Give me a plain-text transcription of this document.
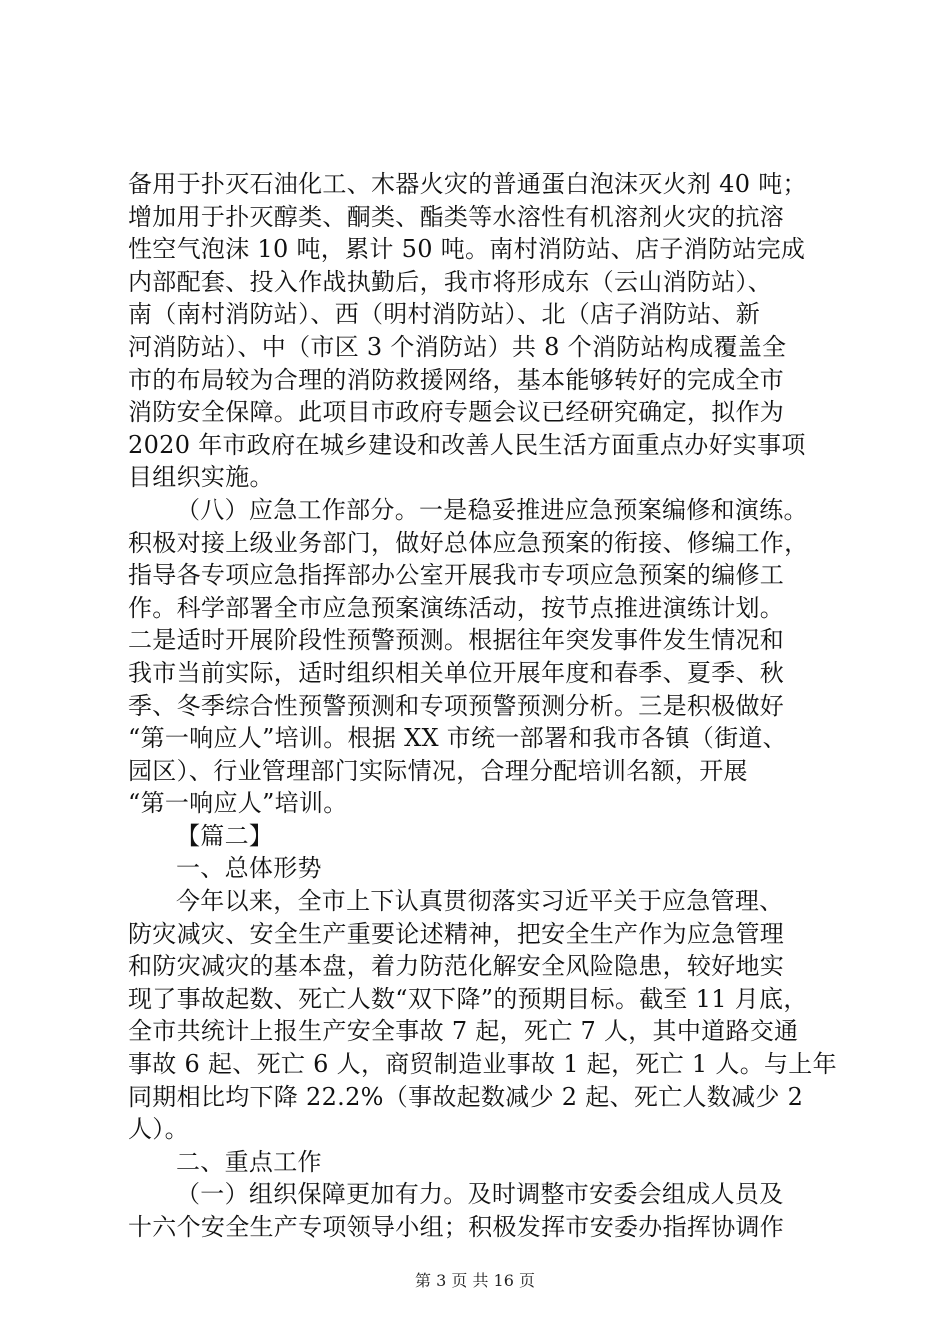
备用于扑灭石油化工、木器火灾的普通蛋白泡沫灭火剂 40 吨；
增加用于扑灭醇类、酮类、酯类等水溶性有机溶剂火灾的抗溶
性空气泡沫 10 吨，累计 50 吨。南村消防站、店子消防站完成
内部配套、投入作战执勤后，我市将形成东（云山消防站）、
南（南村消防站）、西（明村消防站）、北（店子消防站、新
河消防站）、中（市区 3 个消防站）共 8 个消防站构成覆盖全
市的布局较为合理的消防救援网络，基本能够转好的完成全市
消防安全保障。此项目市政府专题会议已经研究确定，拟作为
2020 年市政府在城乡建设和改善人民生活方面重点办好实事项
目组织实施。
（八）应急工作部分。一是稳妥推进应急预案编修和演练。
积极对接上级业务部门，做好总体应急预案的衔接、修编工作，
指导各专项应急指挥部办公室开展我市专项应急预案的编修工
作。科学部署全市应急预案演练活动，按节点推进演练计划。
二是适时开展阶段性预警预测。根据往年突发事件发生情况和
我市当前实际，适时组织相关单位开展年度和春季、夏季、秋
季、冬季综合性预警预测和专项预警预测分析。三是积极做好
“第一响应人”培训。根据 XX 市统一部署和我市各镇（街道、
园区）、行业管理部门实际情况，合理分配培训名额，开展
“第一响应人”培训。
【篇二】
一、总体形势
今年以来，全市上下认真贯彻落实习近平关于应急管理、
防灾减灾、安全生产重要论述精神，把安全生产作为应急管理
和防灾减灾的基本盘，着力防范化解安全风险隐患，较好地实
现了事故起数、死亡人数“双下降”的预期目标。截至 11 月底，
全市共统计上报生产安全事故 7 起，死亡 7 人，其中道路交通
事故 6 起、死亡 6 人，商贸制造业事故 1 起，死亡 1 人。与上年
同期相比均下降 22.2%（事故起数减少 2 起、死亡人数减少 2
人）。
二、重点工作
（一）组织保障更加有力。及时调整市安委会组成人员及
十六个安全生产专项领导小组；积极发挥市安委办指挥协调作
第 3 页 共 16 页
